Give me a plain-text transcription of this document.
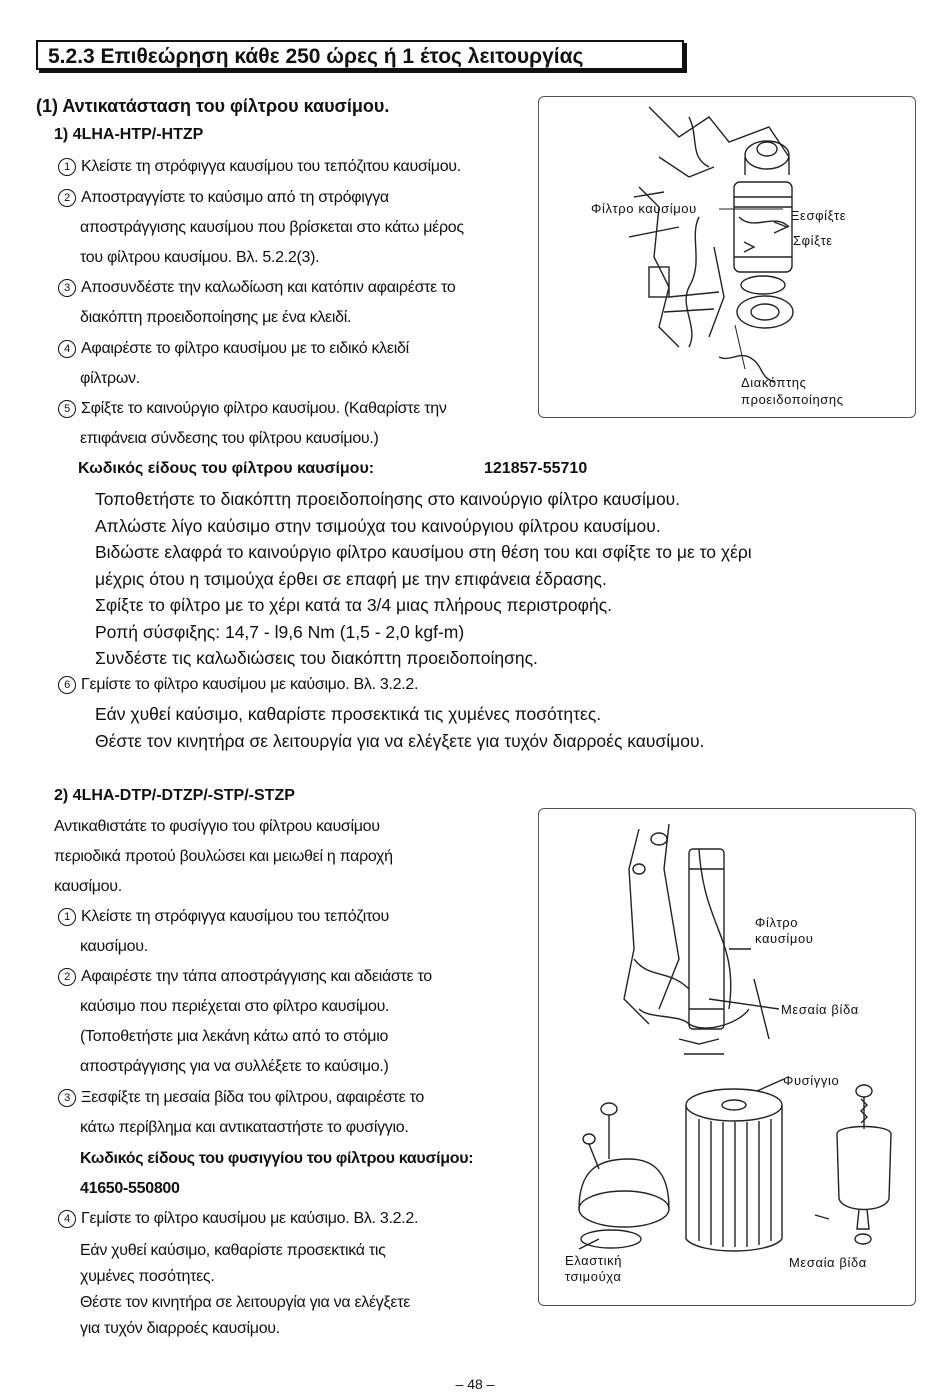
5.2.3 Επιθεώρηση κάθε 250 ώρες ή 1 έτος λειτουργίας
(1) Αντικατάσταση του φίλτρου καυσίμου.
1) 4LHA-HTP/-HTZP
1 Κλείστε τη στρόφιγγα καυσίμου του τεπόζιτου καυσίμου.
2 Αποστραγγίστε το καύσιμο από τη στρόφιγγα
αποστράγγισης καυσίμου που βρίσκεται στο κάτω μέρος
του φίλτρου καυσίμου. Βλ. 5.2.2(3).
3 Αποσυνδέστε την καλωδίωση και κατόπιν αφαιρέστε το
διακόπτη προειδοποίησης με ένα κλειδί.
4 Αφαιρέστε το φίλτρο καυσίμου με το ειδικό κλειδί
φίλτρων.
5 Σφίξτε το καινούργιο φίλτρο καυσίμου. (Καθαρίστε την
επιφάνεια σύνδεσης του φίλτρου καυσίμου.)
Κωδικός είδους του φίλτρου καυσίμου:	121857-55710
Τοποθετήστε το διακόπτη προειδοποίησης στο καινούργιο φίλτρο καυσίμου.
Απλώστε λίγο καύσιμο στην τσιμούχα του καινούργιου φίλτρου καυσίμου.
Βιδώστε ελαφρά το καινούργιο φίλτρο καυσίμου στη θέση του και σφίξτε το με το χέρι
μέχρις ότου η τσιμούχα έρθει σε επαφή με την επιφάνεια έδρασης.
Σφίξτε το φίλτρο με το χέρι κατά τα 3/4 μιας πλήρους περιστροφής.
Ροπή σύσφιξης: 14,7 - l9,6 Nm (1,5 - 2,0 kgf-m)
Συνδέστε τις καλωδιώσεις του διακόπτη προειδοποίησης.
6 Γεμίστε το φίλτρο καυσίμου με καύσιμο. Βλ. 3.2.2.
Εάν χυθεί καύσιμο, καθαρίστε προσεκτικά τις χυμένες ποσότητες.
Θέστε τον κινητήρα σε λειτουργία για να ελέγξετε για τυχόν διαρροές καυσίμου.
Φίλτρο καυσίμου	Ξεσφίξτε
Σφίξτε
Διακόπτης
προειδοποίησης
2) 4LHA-DTP/-DTZP/-STP/-STZP
Αντικαθιστάτε το φυσίγγιο του φίλτρου καυσίμου
περιοδικά προτού βουλώσει και μειωθεί η παροχή
καυσίμου.
1 Κλείστε τη στρόφιγγα καυσίμου του τεπόζιτου
καυσίμου.
2 Αφαιρέστε την τάπα αποστράγγισης και αδειάστε το
καύσιμο που περιέχεται στο φίλτρο καυσίμου.
(Τοποθετήστε μια λεκάνη κάτω από το στόμιο
αποστράγγισης για να συλλέξετε το καύσιμο.)
3 Ξεσφίξτε τη μεσαία βίδα του φίλτρου, αφαιρέστε το
κάτω περίβλημα και αντικαταστήστε το φυσίγγιο.
Κωδικός είδους του φυσιγγίου του φίλτρου καυσίμου:
41650-550800
4 Γεμίστε το φίλτρο καυσίμου με καύσιμο. Βλ. 3.2.2.
Εάν χυθεί καύσιμο, καθαρίστε προσεκτικά τις
χυμένες ποσότητες.
Θέστε τον κινητήρα σε λειτουργία για να ελέγξετε
για τυχόν διαρροές καυσίμου.
Φίλτρο
καυσίμου
Μεσαία βίδα
Φυσίγγιο
Ελαστική
τσιμούχα
Μεσαία βίδα
– 48 –
